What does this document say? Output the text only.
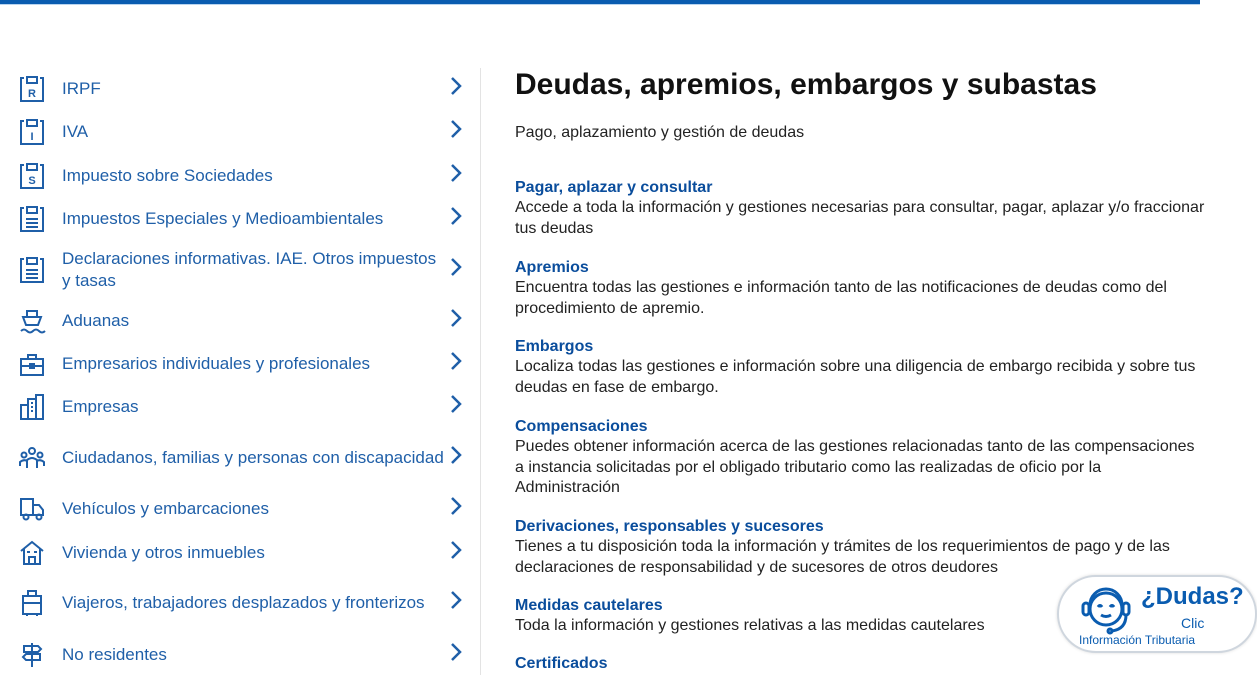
R IRPF
I IVA
S Impuesto sobre Sociedades
Impuestos Especiales y Medioambientales
Declaraciones informativas. IAE. Otros impuestos y tasas
Aduanas
Empresarios individuales y profesionales
Empresas
Ciudadanos, familias y personas con discapacidad
Vehículos y embarcaciones
Vivienda y otros inmuebles
Viajeros, trabajadores desplazados y fronterizos
No residentes
Deudas, apremios, embargos y subastas
Pago, aplazamiento y gestión de deudas
Pagar, aplazar y consultar

Accede a toda la información y gestiones necesarias para consultar, pagar, aplazar y/o fraccionar tus deudas

Apremios

Encuentra todas las gestiones e información tanto de las notificaciones de deudas como del procedimiento de apremio.

Embargos

Localiza todas las gestiones e información sobre una diligencia de embargo recibida y sobre tus deudas en fase de embargo.

Compensaciones

Puedes obtener información acerca de las gestiones relacionadas tanto de las compensaciones a instancia solicitadas por el obligado tributario como las realizadas de oficio por la Administración

Derivaciones, responsables y sucesores

Tienes a tu disposición toda la información y trámites de los requerimientos de pago y de las declaraciones de responsabilidad y de sucesores de otros deudores

Medidas cautelares

Toda la información y gestiones relativas a las medidas cautelares

Certificados
¿Dudas?
Clic
Información Tributaria
